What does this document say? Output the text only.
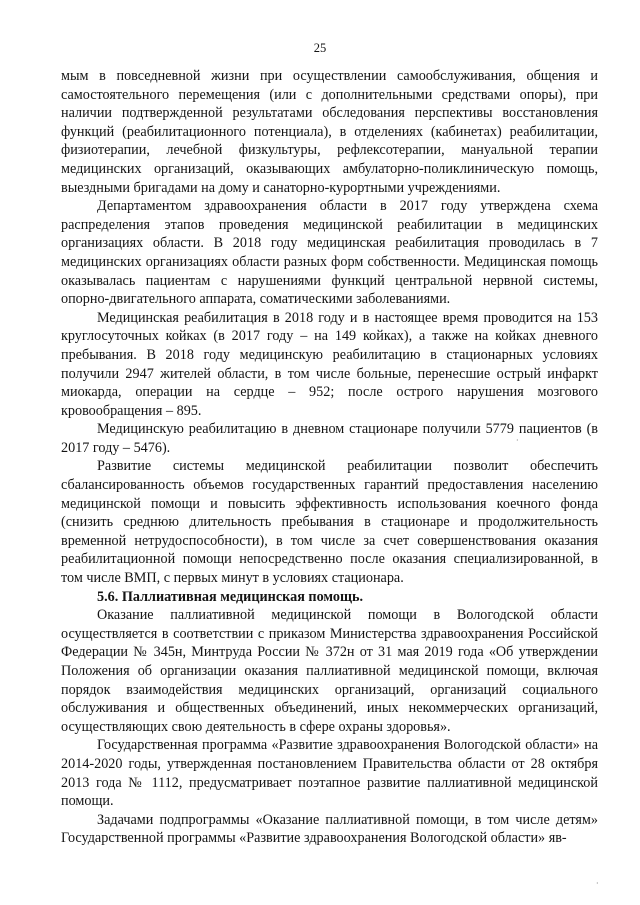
25

мым в повседневной жизни при осуществлении самообслуживания, общения и самостоятельного перемещения (или с дополнительными средствами опоры), при наличии подтвержденной результатами обследования перспективы восстановления функций (реабилитационного потенциала), в отделениях (кабинетах) реабилитации, физиотерапии, лечебной физкультуры, рефлексотерапии, мануальной терапии медицинских организаций, оказывающих амбулаторно-поликлиническую помощь, выездными бригадами на дому и санаторно-курортными учреждениями.

Департаментом здравоохранения области в 2017 году утверждена схема распределения этапов проведения медицинской реабилитации в медицинских организациях области. В 2018 году медицинская реабилитация проводилась в 7 медицинских организациях области разных форм собственности. Медицинская помощь оказывалась пациентам с нарушениями функций центральной нервной системы, опорно-двигательного аппарата, соматическими заболеваниями.

Медицинская реабилитация в 2018 году и в настоящее время проводится на 153 круглосуточных койках (в 2017 году – на 149 койках), а также на койках дневного пребывания. В 2018 году медицинскую реабилитацию в стационарных условиях получили 2947 жителей области, в том числе больные, перенесшие острый инфаркт миокарда, операции на сердце – 952; после острого нарушения мозгового кровообращения – 895.

Медицинскую реабилитацию в дневном стационаре получили 5779 пациентов (в 2017 году – 5476).

Развитие системы медицинской реабилитации позволит обеспечить сбалансированность объемов государственных гарантий предоставления населению медицинской помощи и повысить эффективность использования коечного фонда (снизить среднюю длительность пребывания в стационаре и продолжительность временной нетрудоспособности), в том числе за счет совершенствования оказания реабилитационной помощи непосредственно после оказания специализированной, в том числе ВМП, с первых минут в условиях стационара.

5.6. Паллиативная медицинская помощь.

Оказание паллиативной медицинской помощи в Вологодской области осуществляется в соответствии с приказом Министерства здравоохранения Российской Федерации № 345н, Минтруда России № 372н от 31 мая 2019 года «Об утверждении Положения об организации оказания паллиативной медицинской помощи, включая порядок взаимодействия медицинских организаций, организаций социального обслуживания и общественных объединений, иных некоммерческих организаций, осуществляющих свою деятельность в сфере охраны здоровья».

Государственная программа «Развитие здравоохранения Вологодской области» на 2014-2020 годы, утвержденная постановлением Правительства области от 28 октября 2013 года № 1112, предусматривает поэтапное развитие паллиативной медицинской помощи.

Задачами подпрограммы «Оказание паллиативной помощи, в том числе детям» Государственной программы «Развитие здравоохранения Вологодской области» яв-

·
·
